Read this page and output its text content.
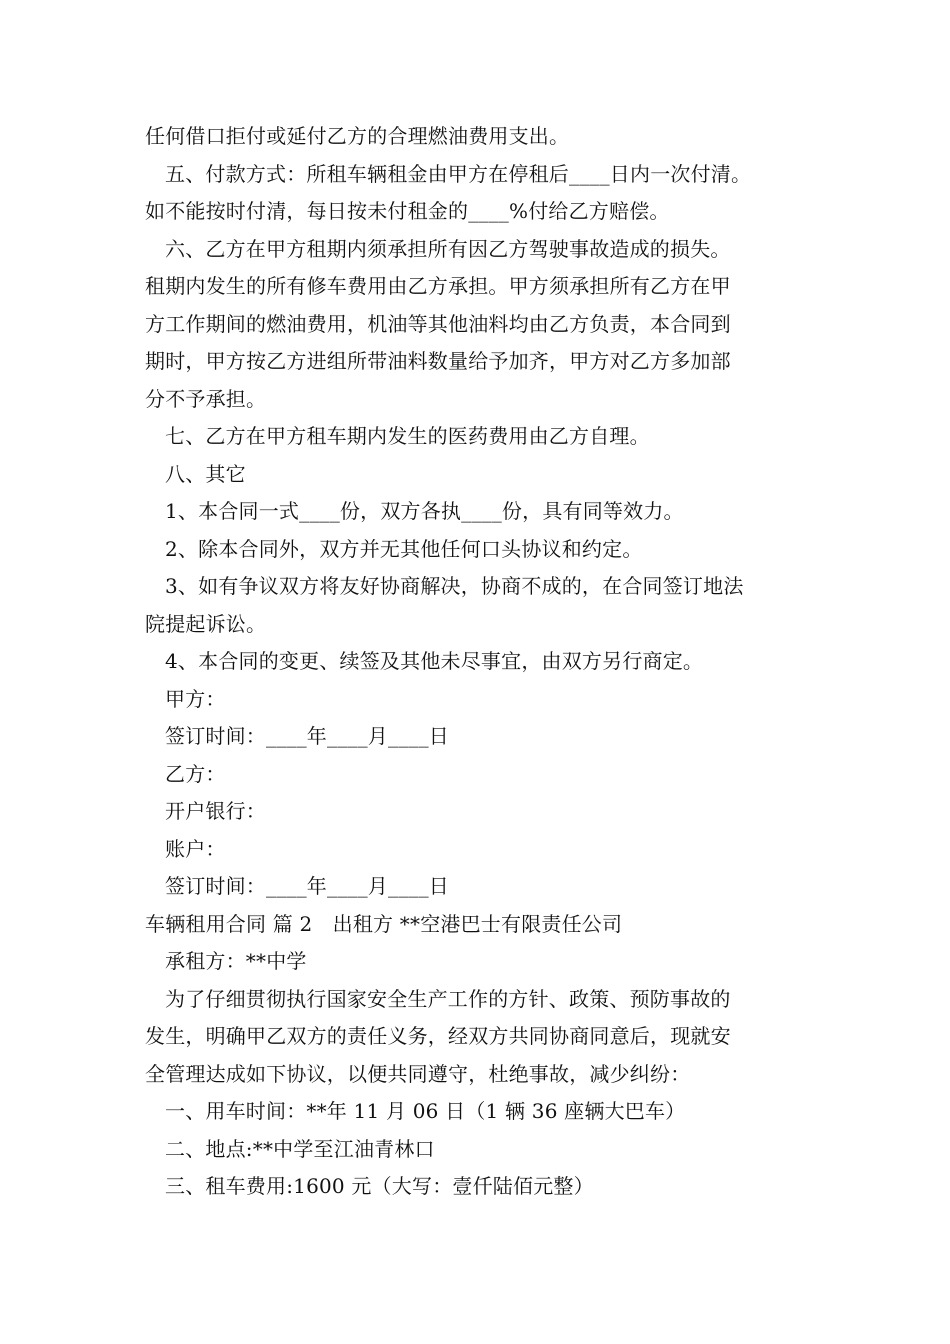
任何借口拒付或延付乙方的合理燃油费用支出。
五、付款方式：所租车辆租金由甲方在停租后____日内一次付清。
如不能按时付清，每日按未付租金的____%付给乙方赔偿。
六、乙方在甲方租期内须承担所有因乙方驾驶事故造成的损失。
租期内发生的所有修车费用由乙方承担。甲方须承担所有乙方在甲
方工作期间的燃油费用，机油等其他油料均由乙方负责，本合同到
期时，甲方按乙方进组所带油料数量给予加齐，甲方对乙方多加部
分不予承担。
七、乙方在甲方租车期内发生的医药费用由乙方自理。
八、其它
1、本合同一式____份，双方各执____份，具有同等效力。
2、除本合同外，双方并无其他任何口头协议和约定。
3、如有争议双方将友好协商解决，协商不成的，在合同签订地法
院提起诉讼。
4、本合同的变更、续签及其他未尽事宜，由双方另行商定。
甲方：
签订时间：____年____月____日
乙方：
开户银行：
账户：
签订时间：____年____月____日
车辆租用合同 篇 2　出租方 **空港巴士有限责任公司
承租方：**中学
为了仔细贯彻执行国家安全生产工作的方针、政策、预防事故的
发生，明确甲乙双方的责任义务，经双方共同协商同意后，现就安
全管理达成如下协议，以便共同遵守，杜绝事故，减少纠纷：
一、用车时间：**年 11 月 06 日（1 辆 36 座辆大巴车）
二、地点:**中学至江油青林口
三、租车费用:1600 元（大写：壹仟陆佰元整）
